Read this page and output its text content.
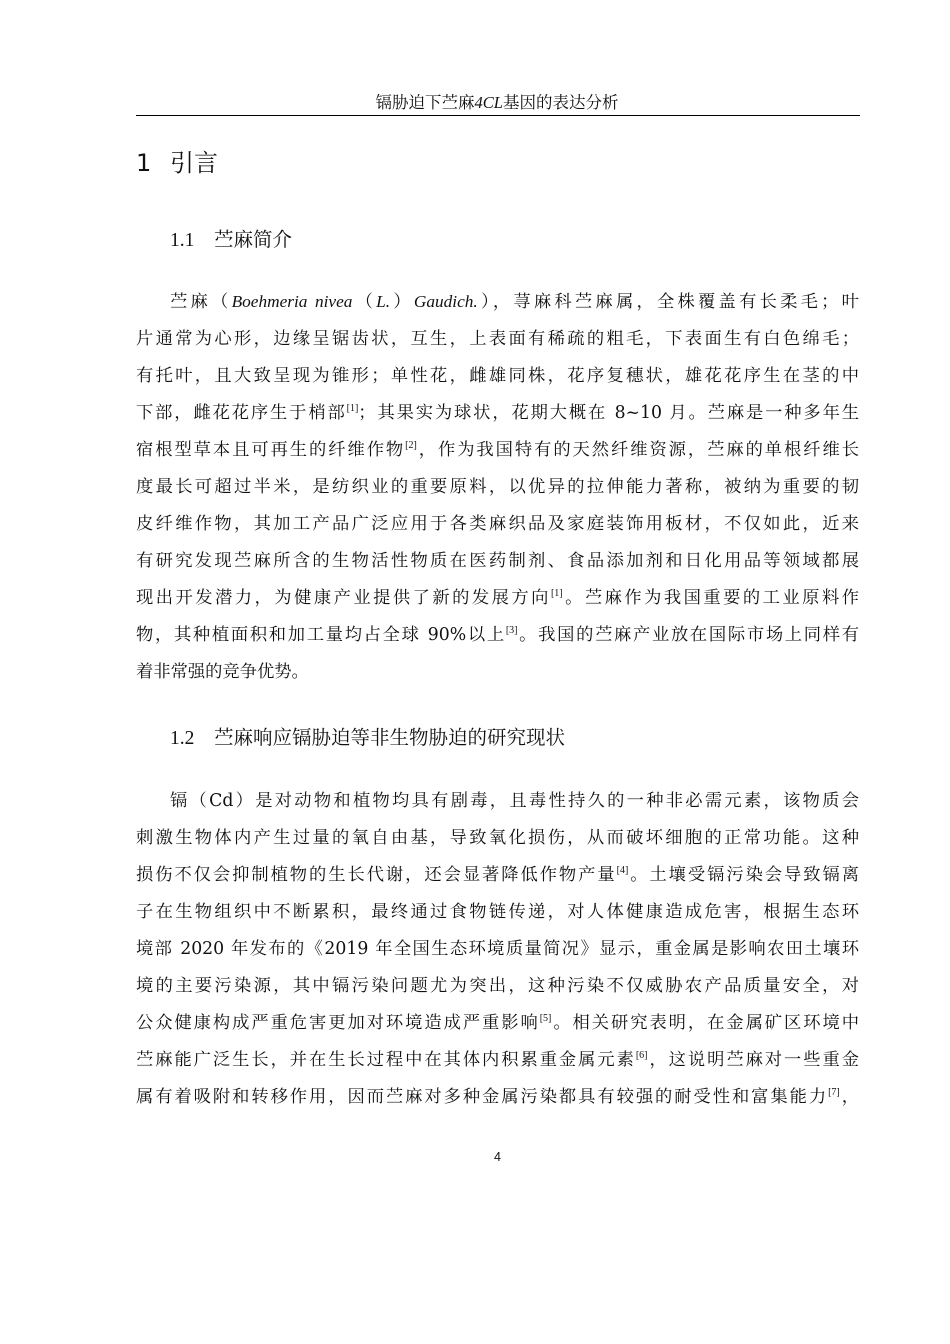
镉胁迫下苎麻4CL基因的表达分析
1 引言
1.1 苎麻简介
苎麻（Boehmeria nivea（L.）Gaudich.），荨麻科苎麻属，全株覆盖有长柔毛；叶
片通常为心形，边缘呈锯齿状，互生，上表面有稀疏的粗毛，下表面生有白色绵毛；
有托叶，且大致呈现为锥形；单性花，雌雄同株，花序复穗状，雄花花序生在茎的中
下部，雌花花序生于梢部[1]；其果实为球状，花期大概在 8~10 月。苎麻是一种多年生
宿根型草本且可再生的纤维作物[2]，作为我国特有的天然纤维资源，苎麻的单根纤维长
度最长可超过半米，是纺织业的重要原料，以优异的拉伸能力著称，被纳为重要的韧
皮纤维作物，其加工产品广泛应用于各类麻织品及家庭装饰用板材，不仅如此，近来
有研究发现苎麻所含的生物活性物质在医药制剂、食品添加剂和日化用品等领域都展
现出开发潜力，为健康产业提供了新的发展方向[1]。苎麻作为我国重要的工业原料作
物，其种植面积和加工量均占全球 90%以上[3]。我国的苎麻产业放在国际市场上同样有
着非常强的竞争优势。
1.2 苎麻响应镉胁迫等非生物胁迫的研究现状
镉（Cd）是对动物和植物均具有剧毒，且毒性持久的一种非必需元素，该物质会
刺激生物体内产生过量的氧自由基，导致氧化损伤，从而破坏细胞的正常功能。这种
损伤不仅会抑制植物的生长代谢，还会显著降低作物产量[4]。土壤受镉污染会导致镉离
子在生物组织中不断累积，最终通过食物链传递，对人体健康造成危害，根据生态环
境部 2020 年发布的《2019 年全国生态环境质量简况》显示，重金属是影响农田土壤环
境的主要污染源，其中镉污染问题尤为突出，这种污染不仅威胁农产品质量安全，对
公众健康构成严重危害更加对环境造成严重影响[5]。相关研究表明，在金属矿区环境中
苎麻能广泛生长，并在生长过程中在其体内积累重金属元素[6]，这说明苎麻对一些重金
属有着吸附和转移作用，因而苎麻对多种金属污染都具有较强的耐受性和富集能力[7]，
4
